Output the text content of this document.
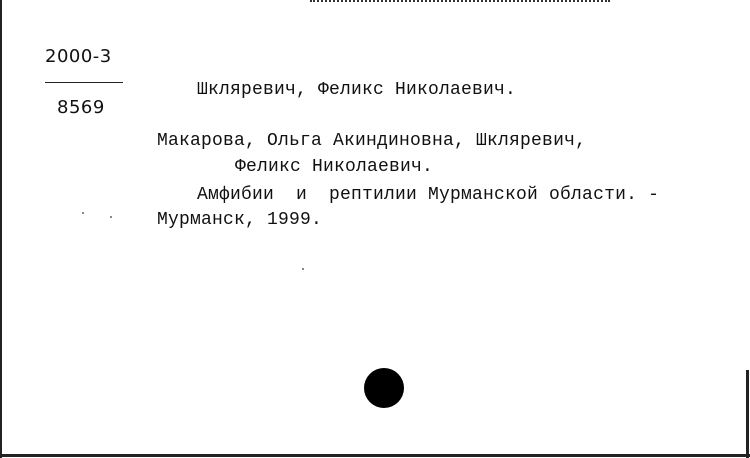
2000-3
8569
Шкляревич, Феликс Николаевич.
Макарова, Ольга Акиндиновна, Шкляревич,
Феликс Николаевич.
Амфибии  и  рептилии Мурманской области. -
Мурманск, 1999.
